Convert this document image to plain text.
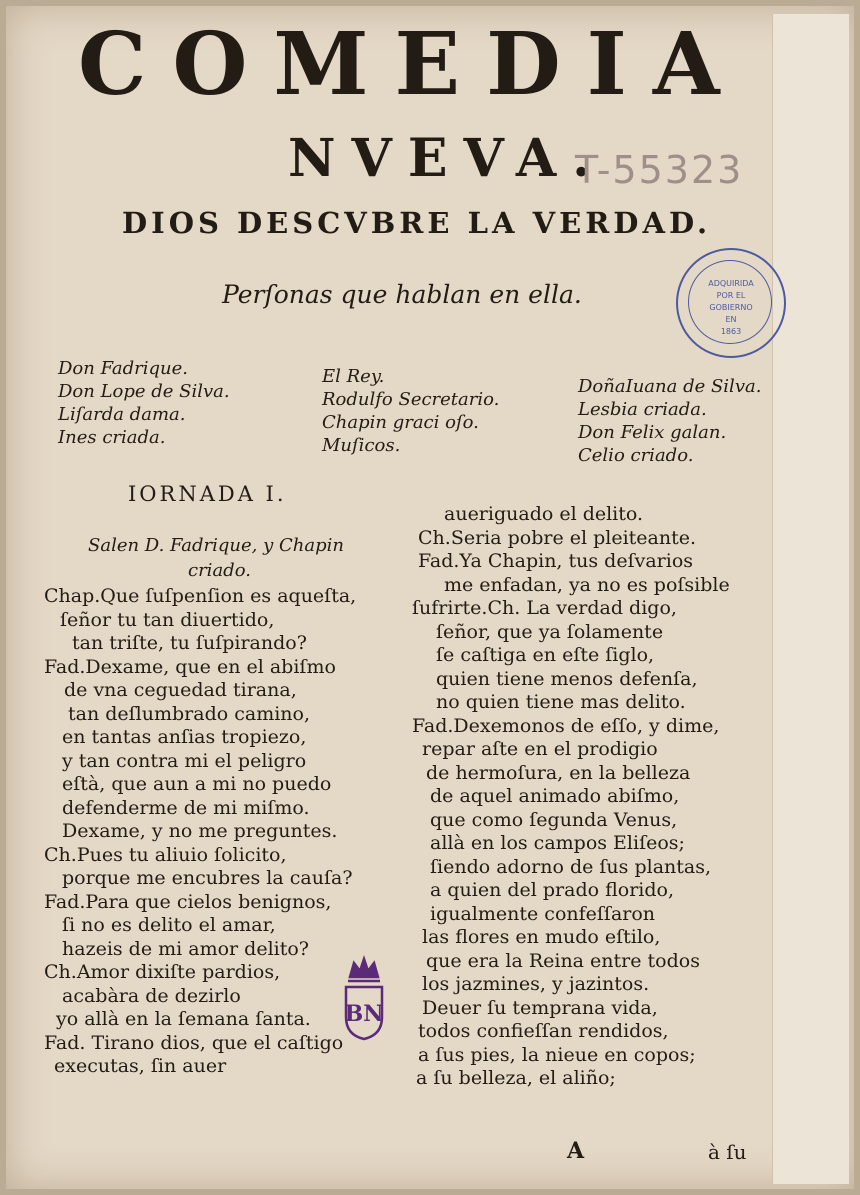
COMEDIA
NVEVA.
T-55323
DIOS DESCVBRE LA VERDAD.
Perſonas que hablan en ella.	ADQUIRIDA
POR EL
GOBIERNO
EN
1863
Don Fadrique.
Don Lope de Silva.
Liſarda dama.
Ines criada.
El Rey.
Rodulfo Secretario.
Chapin graci oſo.
Muſicos.
DoñaIuana de Silva.
Lesbia criada.
Don Felix galan.
Celio criado.
IORNADA I.
Salen D. Fadrique, y Chapin
criado.
Chap.Que ſuſpenſion es aqueſta,
ſeñor tu tan diuertido,
tan triſte, tu ſuſpirando?
Fad.Dexame, que en el abiſmo
de vna ceguedad tirana,
tan deſlumbrado camino,
en tantas anſias tropiezo,
y tan contra mi el peligro
eſtà, que aun a mi no puedo
defenderme de mi miſmo.
Dexame, y no me preguntes.
Ch.Pues tu aliuio ſolicito,
porque me encubres la cauſa?
Fad.Para que cielos benignos,
ſi no es delito el amar,
hazeis de mi amor delito?
Ch.Amor dixiſte pardios,
acabàra de dezirlo
yo allà en la ſemana ſanta.
Fad. Tirano dios, que el caſtigo
executas, ſin auer
BN
aueriguado el delito.
Ch.Seria pobre el pleiteante.
Fad.Ya Chapin, tus deſvarios
me enfadan, ya no es poſsible
ſufrirte.Ch. La verdad digo,
ſeñor, que ya ſolamente
ſe caſtiga en eſte ſiglo,
quien tiene menos defenſa,
no quien tiene mas delito.
Fad.Dexemonos de eſſo, y dime,
repar aſte en el prodigio
de hermoſura, en la belleza
de aquel animado abiſmo,
que como ſegunda Venus,
allà en los campos Eliſeos;
ſiendo adorno de ſus plantas,
a quien del prado florido,
igualmente confeſſaron
las flores en mudo eſtilo,
que era la Reina entre todos
los jazmines, y jazintos.
Deuer ſu temprana vida,
todos confieſſan rendidos,
a ſus pies, la nieue en copos;
a ſu belleza, el aliño;
A	à ſu
